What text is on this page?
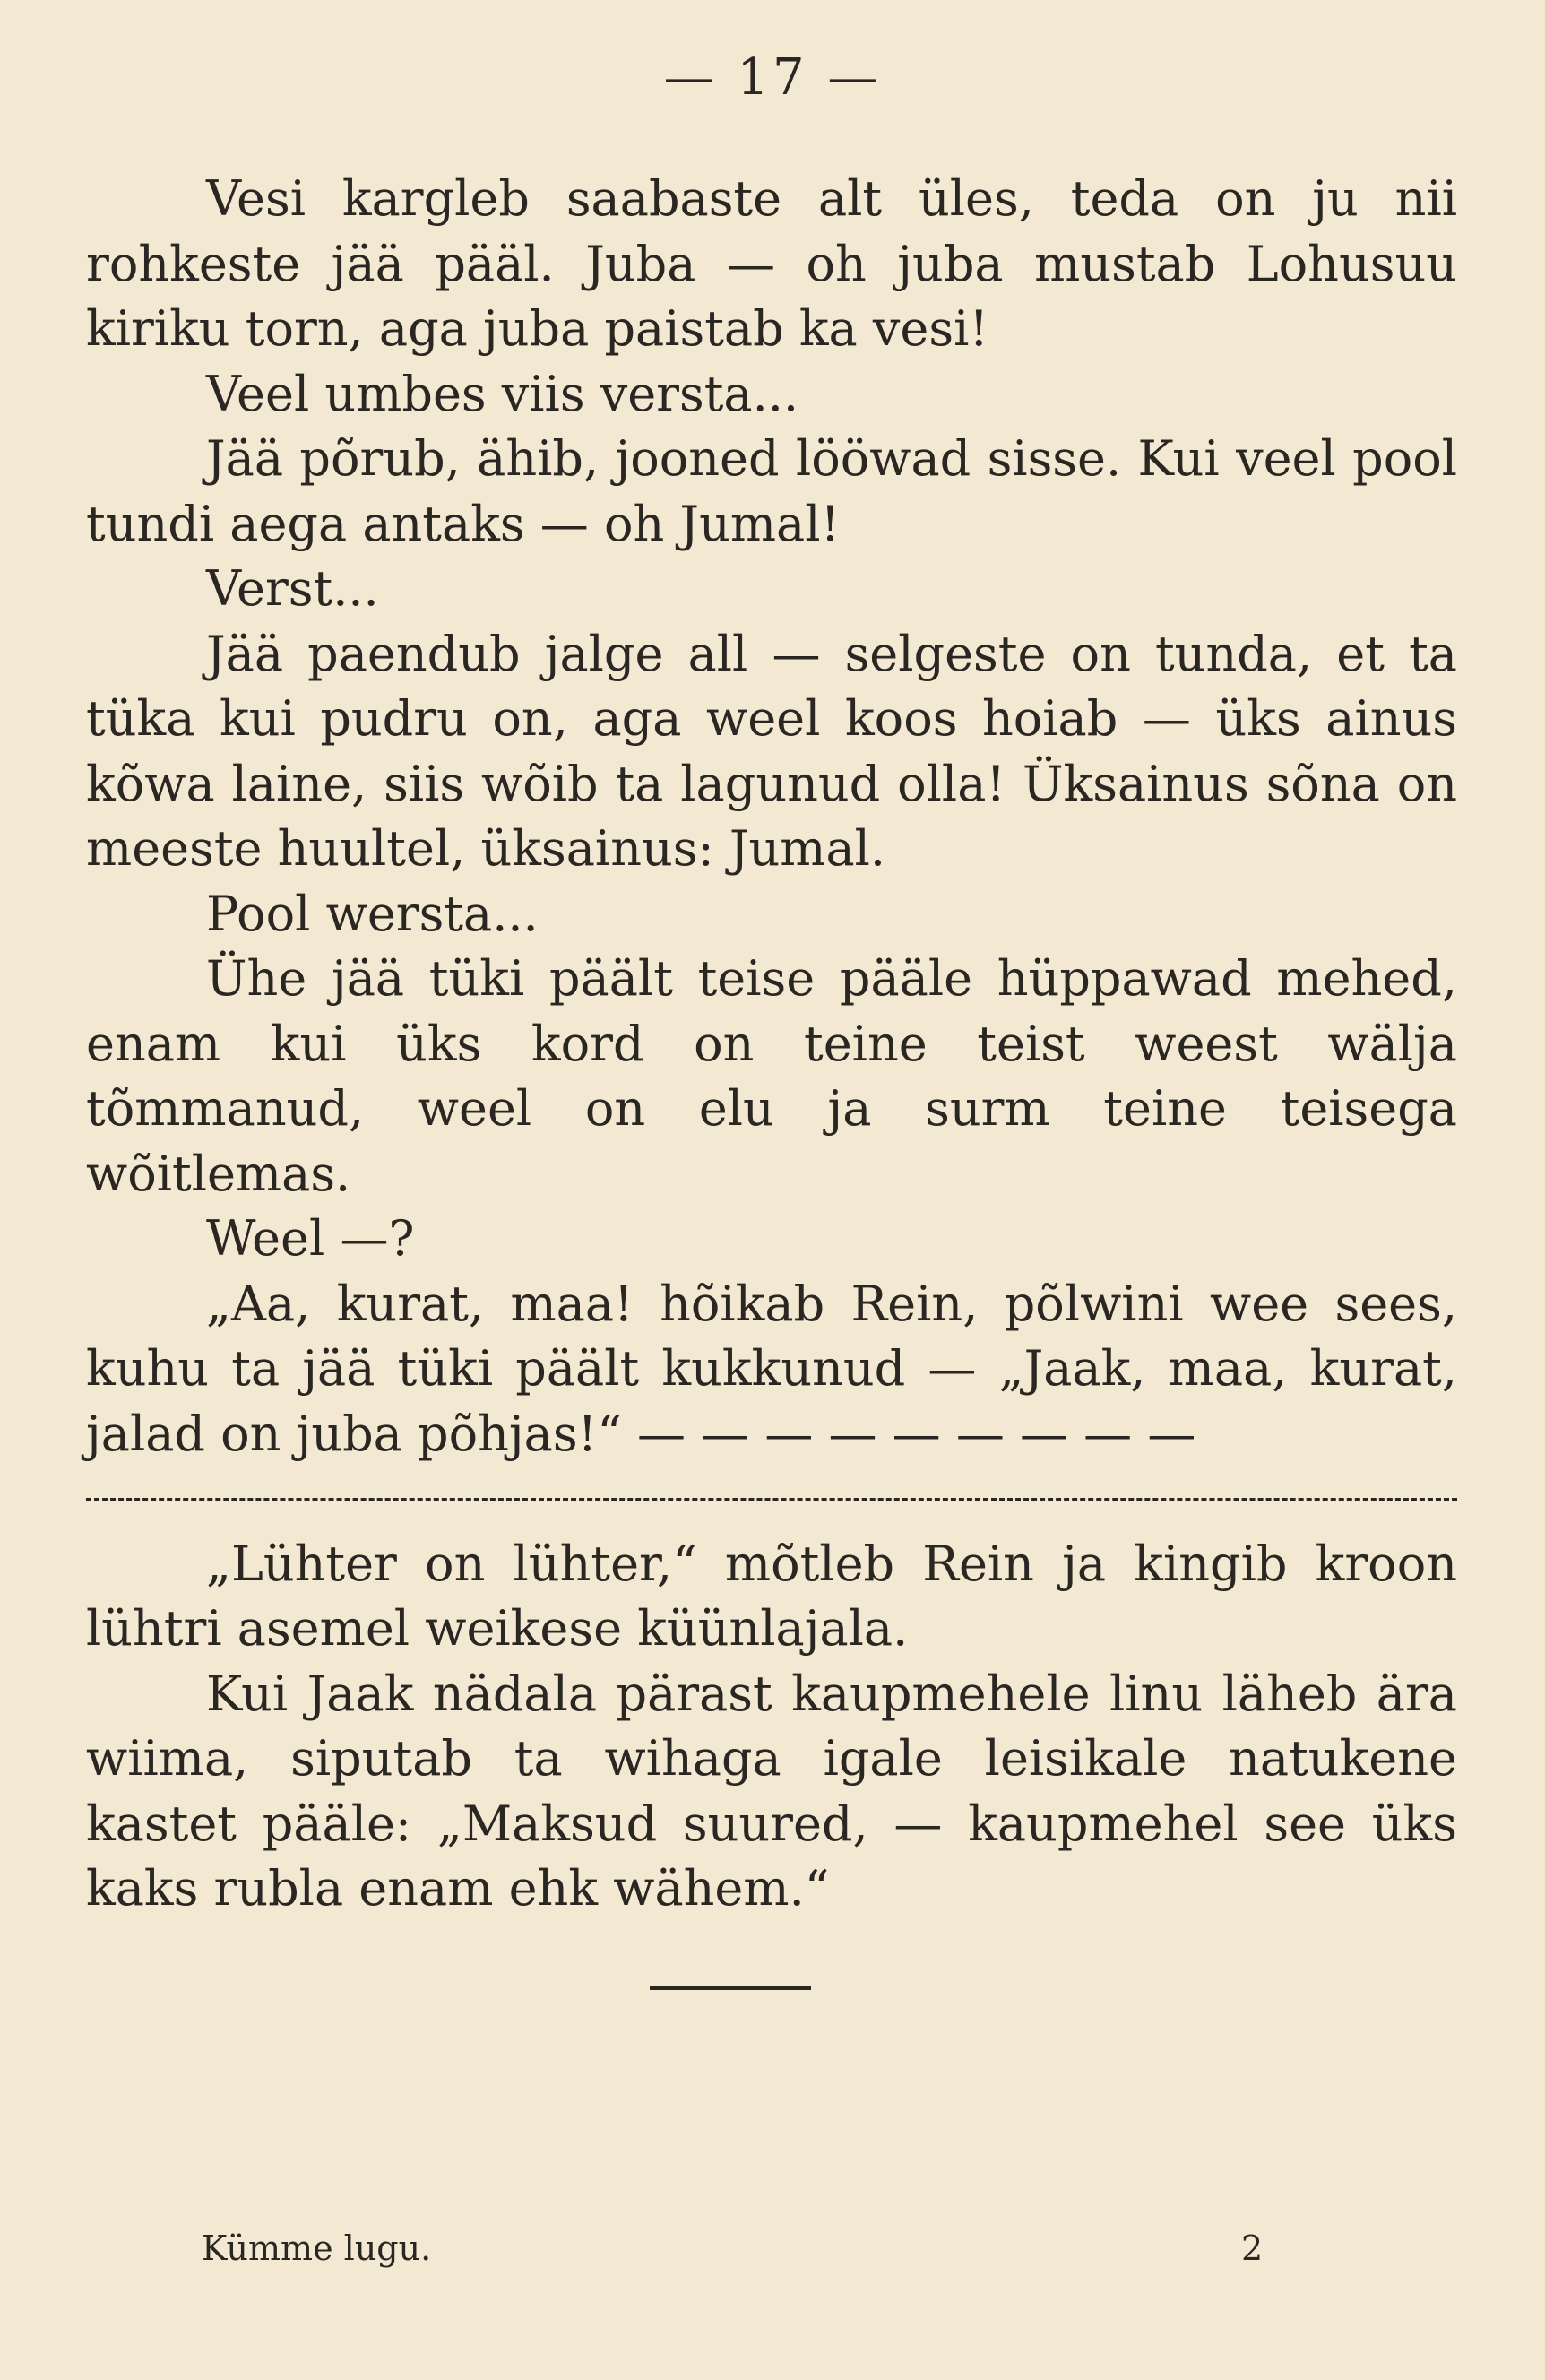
— 17 —

Vesi kargleb saabaste alt üles, teda on ju nii rohkeste jää pääl. Juba — oh juba mustab Lohusuu kiriku torn, aga juba paistab ka vesi!

Veel umbes viis versta...

Jää põrub, ähib, jooned lööwad sisse. Kui veel pool tundi aega antaks — oh Jumal!

Verst...

Jää paendub jalge all — selgeste on tunda, et ta tüka kui pudru on, aga weel koos hoiab — üks ainus kõwa laine, siis wõib ta lagunud olla! Üksainus sõna on meeste huultel, üksainus: Jumal.

Pool wersta...

Ühe jää tüki päält teise pääle hüppawad mehed, enam kui üks kord on teine teist weest wälja tõmmanud, weel on elu ja surm teine teisega wõitlemas.

Weel —?

„Aa, kurat, maa! hõikab Rein, põlwini wee sees, kuhu ta jää tüki päält kukkunud — „Jaak, maa, kurat, jalad on juba põhjas!“ — — — — — — — — —

„Lühter on lühter,“ mõtleb Rein ja kingib kroon lühtri asemel weikese küünlajala.

Kui Jaak nädala pärast kaupmehele linu läheb ära wiima, siputab ta wihaga igale leisikale natukene kastet pääle: „Maksud suured, — kaupmehel see üks kaks rubla enam ehk wähem.“

Kümme lugu.	2
